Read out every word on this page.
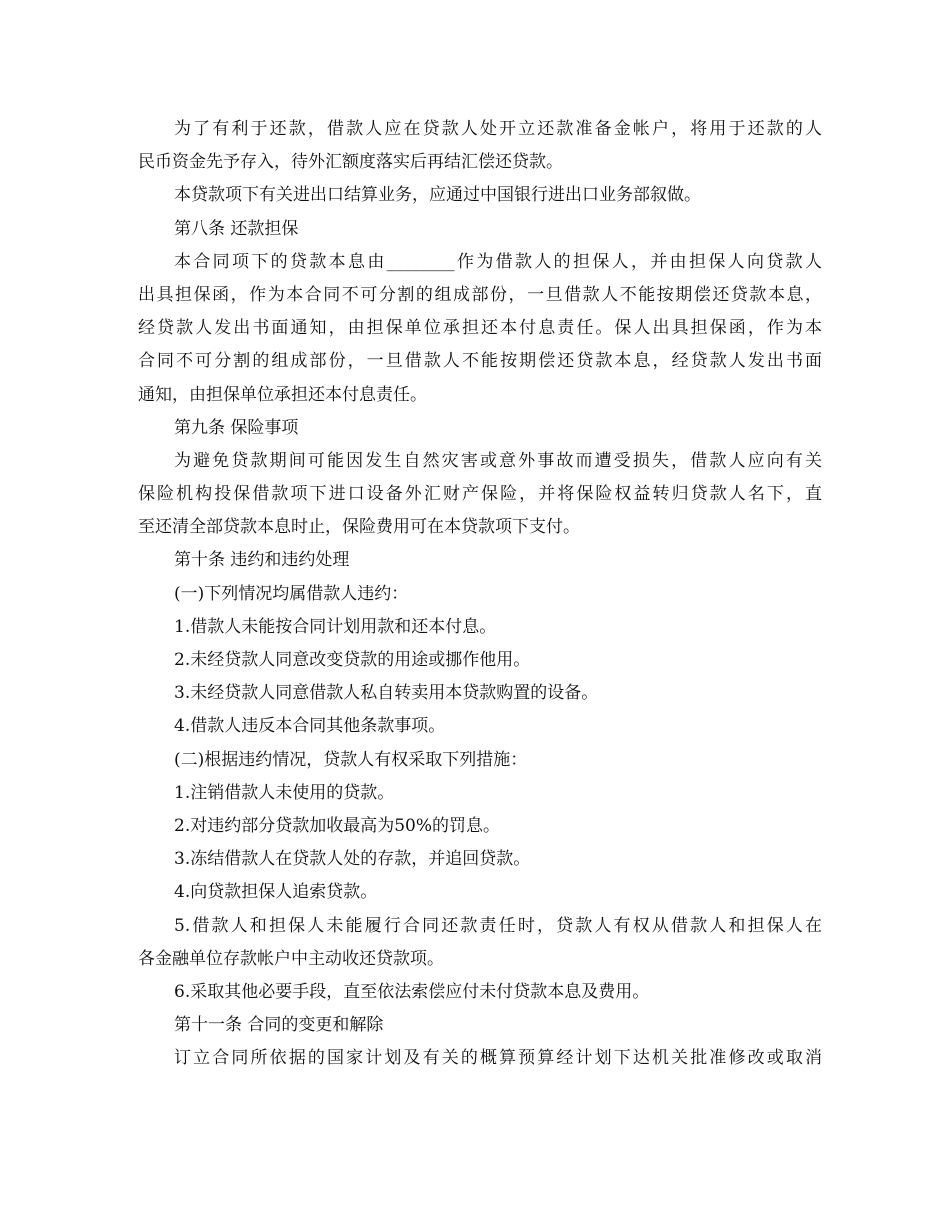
为了有利于还款，借款人应在贷款人处开立还款准备金帐户，将用于还款的人
民币资金先予存入，待外汇额度落实后再结汇偿还贷款。
本贷款项下有关进出口结算业务，应通过中国银行进出口业务部叙做。
第八条 还款担保
本合同项下的贷款本息由________作为借款人的担保人，并由担保人向贷款人
出具担保函，作为本合同不可分割的组成部份，一旦借款人不能按期偿还贷款本息，
经贷款人发出书面通知，由担保单位承担还本付息责任。保人出具担保函，作为本
合同不可分割的组成部份，一旦借款人不能按期偿还贷款本息，经贷款人发出书面
通知，由担保单位承担还本付息责任。
第九条 保险事项
为避免贷款期间可能因发生自然灾害或意外事故而遭受损失，借款人应向有关
保险机构投保借款项下进口设备外汇财产保险，并将保险权益转归贷款人名下，直
至还清全部贷款本息时止，保险费用可在本贷款项下支付。
第十条 违约和违约处理
(一)下列情况均属借款人违约：
1.借款人未能按合同计划用款和还本付息。
2.未经贷款人同意改变贷款的用途或挪作他用。
3.未经贷款人同意借款人私自转卖用本贷款购置的设备。
4.借款人违反本合同其他条款事项。
(二)根据违约情况，贷款人有权采取下列措施：
1.注销借款人未使用的贷款。
2.对违约部分贷款加收最高为50%的罚息。
3.冻结借款人在贷款人处的存款，并追回贷款。
4.向贷款担保人追索贷款。
5.借款人和担保人未能履行合同还款责任时，贷款人有权从借款人和担保人在
各金融单位存款帐户中主动收还贷款项。
6.采取其他必要手段，直至依法索偿应付未付贷款本息及费用。
第十一条 合同的变更和解除
订立合同所依据的国家计划及有关的概算预算经计划下达机关批准修改或取消
